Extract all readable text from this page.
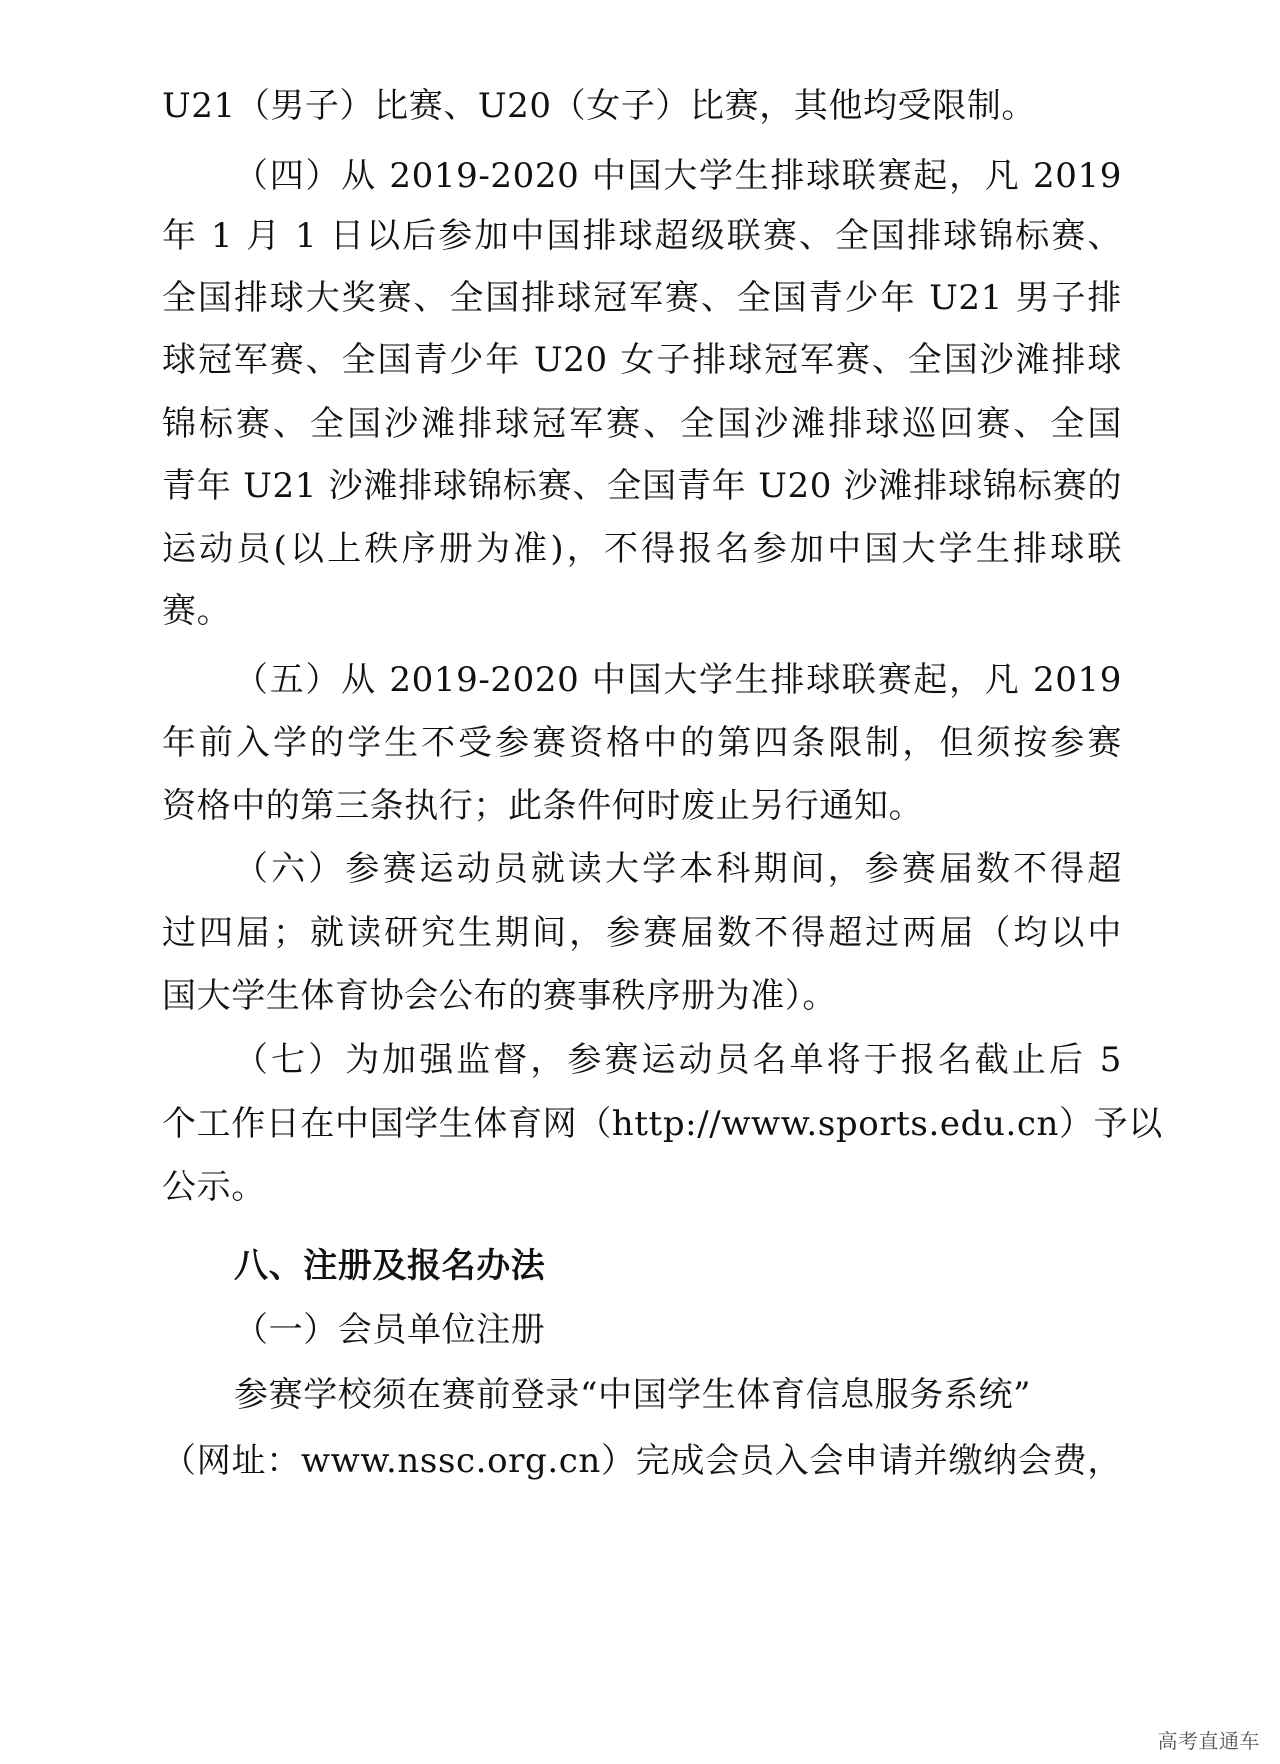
U21（男子）比赛、U20（女子）比赛，其他均受限制。

（四）从 2019-2020 中国大学生排球联赛起，凡 2019

年 1 月 1 日以后参加中国排球超级联赛、全国排球锦标赛、

全国排球大奖赛、全国排球冠军赛、全国青少年 U21 男子排

球冠军赛、全国青少年 U20 女子排球冠军赛、全国沙滩排球

锦标赛、全国沙滩排球冠军赛、全国沙滩排球巡回赛、全国

青年 U21 沙滩排球锦标赛、全国青年 U20 沙滩排球锦标赛的

运动员(以上秩序册为准)，不得报名参加中国大学生排球联

赛。

（五）从 2019-2020 中国大学生排球联赛起，凡 2019

年前入学的学生不受参赛资格中的第四条限制，但须按参赛

资格中的第三条执行；此条件何时废止另行通知。

（六）参赛运动员就读大学本科期间，参赛届数不得超

过四届；就读研究生期间，参赛届数不得超过两届（均以中

国大学生体育协会公布的赛事秩序册为准）。

（七）为加强监督，参赛运动员名单将于报名截止后 5

个工作日在中国学生体育网（http://www.sports.edu.cn）予以

公示。

八、注册及报名办法

（一）会员单位注册

参赛学校须在赛前登录“中国学生体育信息服务系统”

（网址：www.nssc.org.cn）完成会员入会申请并缴纳会费，

高考直通车
